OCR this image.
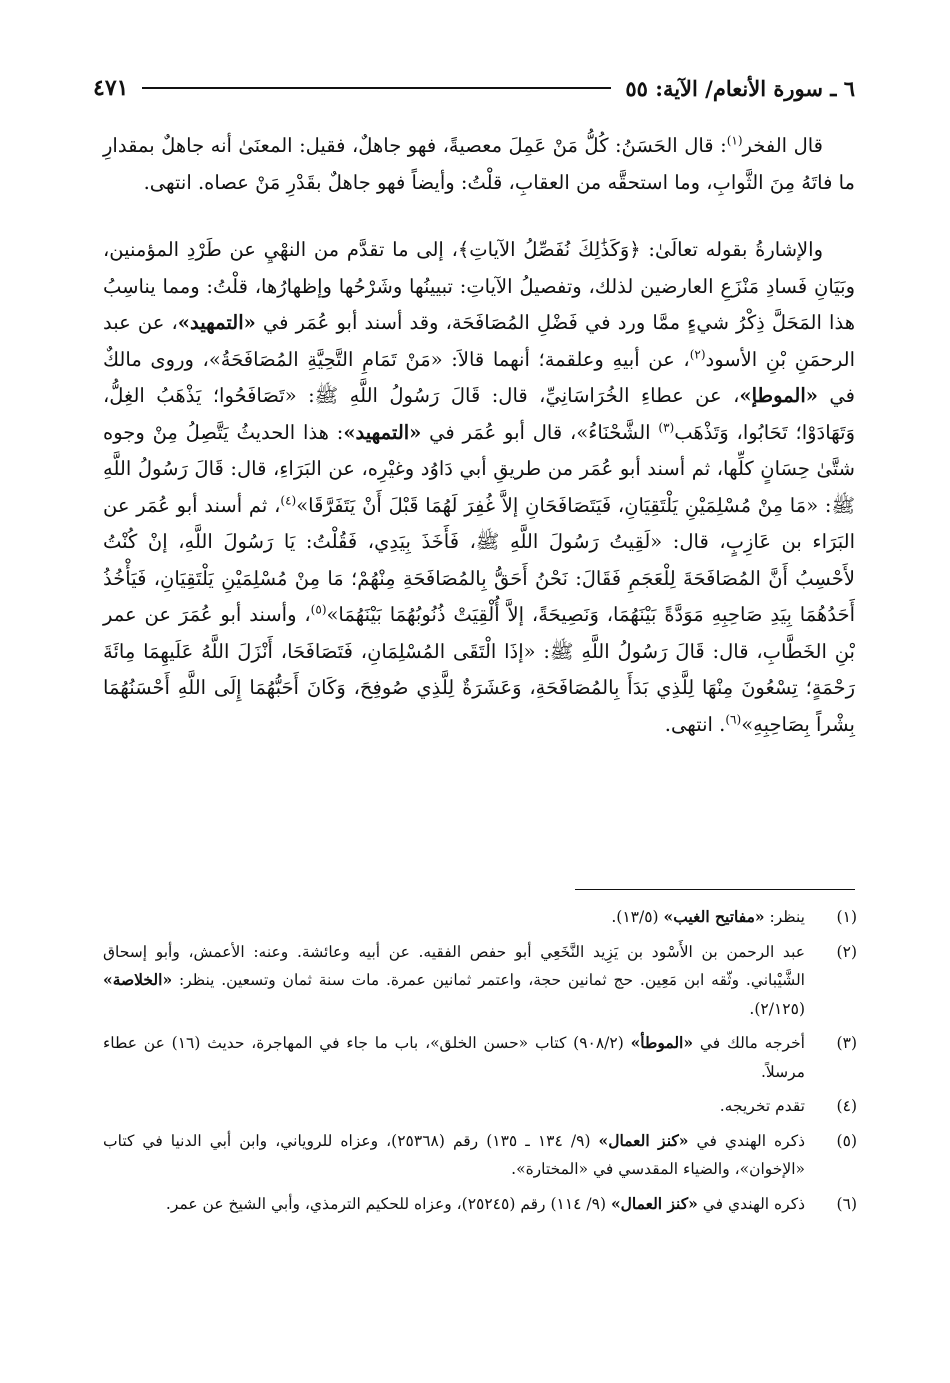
٦ ـ سورة الأنعام/ الآية: ٥٥
٤٧١

قال الفخر$^{(١)}$: قال الحَسَنُ: كُلُّ مَنْ عَمِلَ معصيةً، فهو جاهلٌ، فقيل: المعنَىٰ أنه جاهلٌ بمقدارِ ما فاتَهُ مِنَ الثَّوابِ، وما استحقَّه من العقابِ، قلْتُ: وأيضاً فهو جاهلٌ بقَدْرِ مَنْ عصاه. انتهى.

والإشارةُ بقوله تعالَىٰ: ﴿وَكَذَٰلِكَ نُفَصِّلُ الآياتِ﴾، إلى ما تقدَّم من النهْيِ عن طَرْدِ المؤمنين، وبَيَانِ فَسادِ مَنْزَعِ العارضين لذلك، وتفصيلُ الآياتِ: تبيينُها وشَرْحُها وإظهارُها، قلْتُ: ومما يناسِبُ هذا المَحَلَّ ذِكْرُ شيءٍ ممَّا ورد في فَضْلِ المُصَافَحَة، وقد أسند أبو عُمَر في «التمهيد»، عن عبد الرحمَنِ بْنِ الأسود$^{(٢)}$، عن أبيهِ وعلقمة؛ أنهما قالاَ: «مَنْ تَمَامِ التَّحِيَّةِ المُصَافَحَةُ»، وروى مالكٌ في «الموطإ»، عن عطاءِ الخُرَاسَانِيِّ، قال: قَالَ رَسُولُ اللَّهِ ﷺ: «تَصَافَحُوا؛ يَذْهَبُ الغِلُّ، وَتَهَادَوْا؛ تَحَابُوا، وَتَذْهَب$^{(٣)}$ الشَّحْنَاءُ»، قال أبو عُمَر في «التمهيد»: هذا الحديثُ يَتَّصِلُ مِنْ وجوه شتَّىٰ حِسَانٍ كلِّها، ثم أسند أبو عُمَر من طريقِ أبي دَاوُد وغيْرِه، عن البَرَاءِ، قال: قَالَ رَسُولُ اللَّهِ ﷺ: «مَا مِنْ مُسْلِمَيْنِ يَلْتَقِيَانِ، فَيَتَصَافَحَانِ إلاَّ غُفِرَ لَهُمَا قَبْلَ أَنْ يَتَفَرَّقَا»$^{(٤)}$، ثم أسند أبو عُمَر عن البَرَاء بن عَازِبٍ، قال: «لَقِيتُ رَسُولَ اللَّهِ ﷺ، فَأَخَذَ بِيَدِي، فَقُلْتُ: يَا رَسُولَ اللَّهِ، إنْ كُنْتُ لأَحْسِبُ أَنَّ المُصَافَحَةَ لِلْعَجَمِ فَقَالَ: نَحْنُ أَحَقُّ بِالمُصَافَحَةِ مِنْهُمْ؛ مَا مِنْ مُسْلِمَيْنِ يَلْتَقِيَانِ، فَيَأْخُذُ أَحَدُهُمَا بِيَدِ صَاحِبِهِ مَوَدَّةً بَيْنَهُمَا، وَنَصِيحَةً، إلاَّ أُلْقِيَتْ ذُنُوبُهُمَا بَيْنَهُمَا»$^{(٥)}$، وأسند أبو عُمَرَ عن عمر بْنِ الخَطَّابِ، قال: قَالَ رَسُولُ اللَّهِ ﷺ: «إذَا الْتَقَى المُسْلِمَانِ، فَتَصَافَحَا، أَنْزَلَ اللَّهُ عَلَيهِمَا مِائَةَ رَحْمَةٍ؛ تِسْعُونَ مِنْهَا لِلَّذِي بَدَأَ بِالمُصَافَحَةِ، وَعَشَرَةٌ لِلَّذِي صُوفِحَ، وَكَانَ أَحَبُّهُمَا إِلَى اللَّهِ أَحْسَنُهُمَا بِشْراً بِصَاحِبِهِ»$^{(٦)}$. انتهى.

(١)
ينظر: «مفاتيح الغيب» (١٣/٥).
(٢)
عبد الرحمن بن الأَسْود بن يَزِيد النَّخَعِي أبو حفص الفقيه. عن أبيه وعائشة. وعنه: الأعمش، وأبو إسحاق الشَّيْباني. وثّقه ابن مَعِين. حج ثمانين حجة، واعتمر ثمانين عمرة. مات سنة ثمان وتسعين. ينظر: «الخلاصة» (٢/١٢٥).
(٣)
أخرجه مالك في «الموطأ» (٩٠٨/٢) كتاب «حسن الخلق»، باب ما جاء في المهاجرة، حديث (١٦) عن عطاء مرسلاً.
(٤)
تقدم تخريجه.
(٥)
ذكره الهندي في «كنز العمال» (٩/ ١٣٤ ـ ١٣٥) رقم (٢٥٣٦٨)، وعزاه للروياني، وابن أبي الدنيا في كتاب «الإخوان»، والضياء المقدسي في «المختارة».
(٦)
ذكره الهندي في «كنز العمال» (٩/ ١١٤) رقم (٢٥٢٤٥)، وعزاه للحكيم الترمذي، وأبي الشيخ عن عمر.
